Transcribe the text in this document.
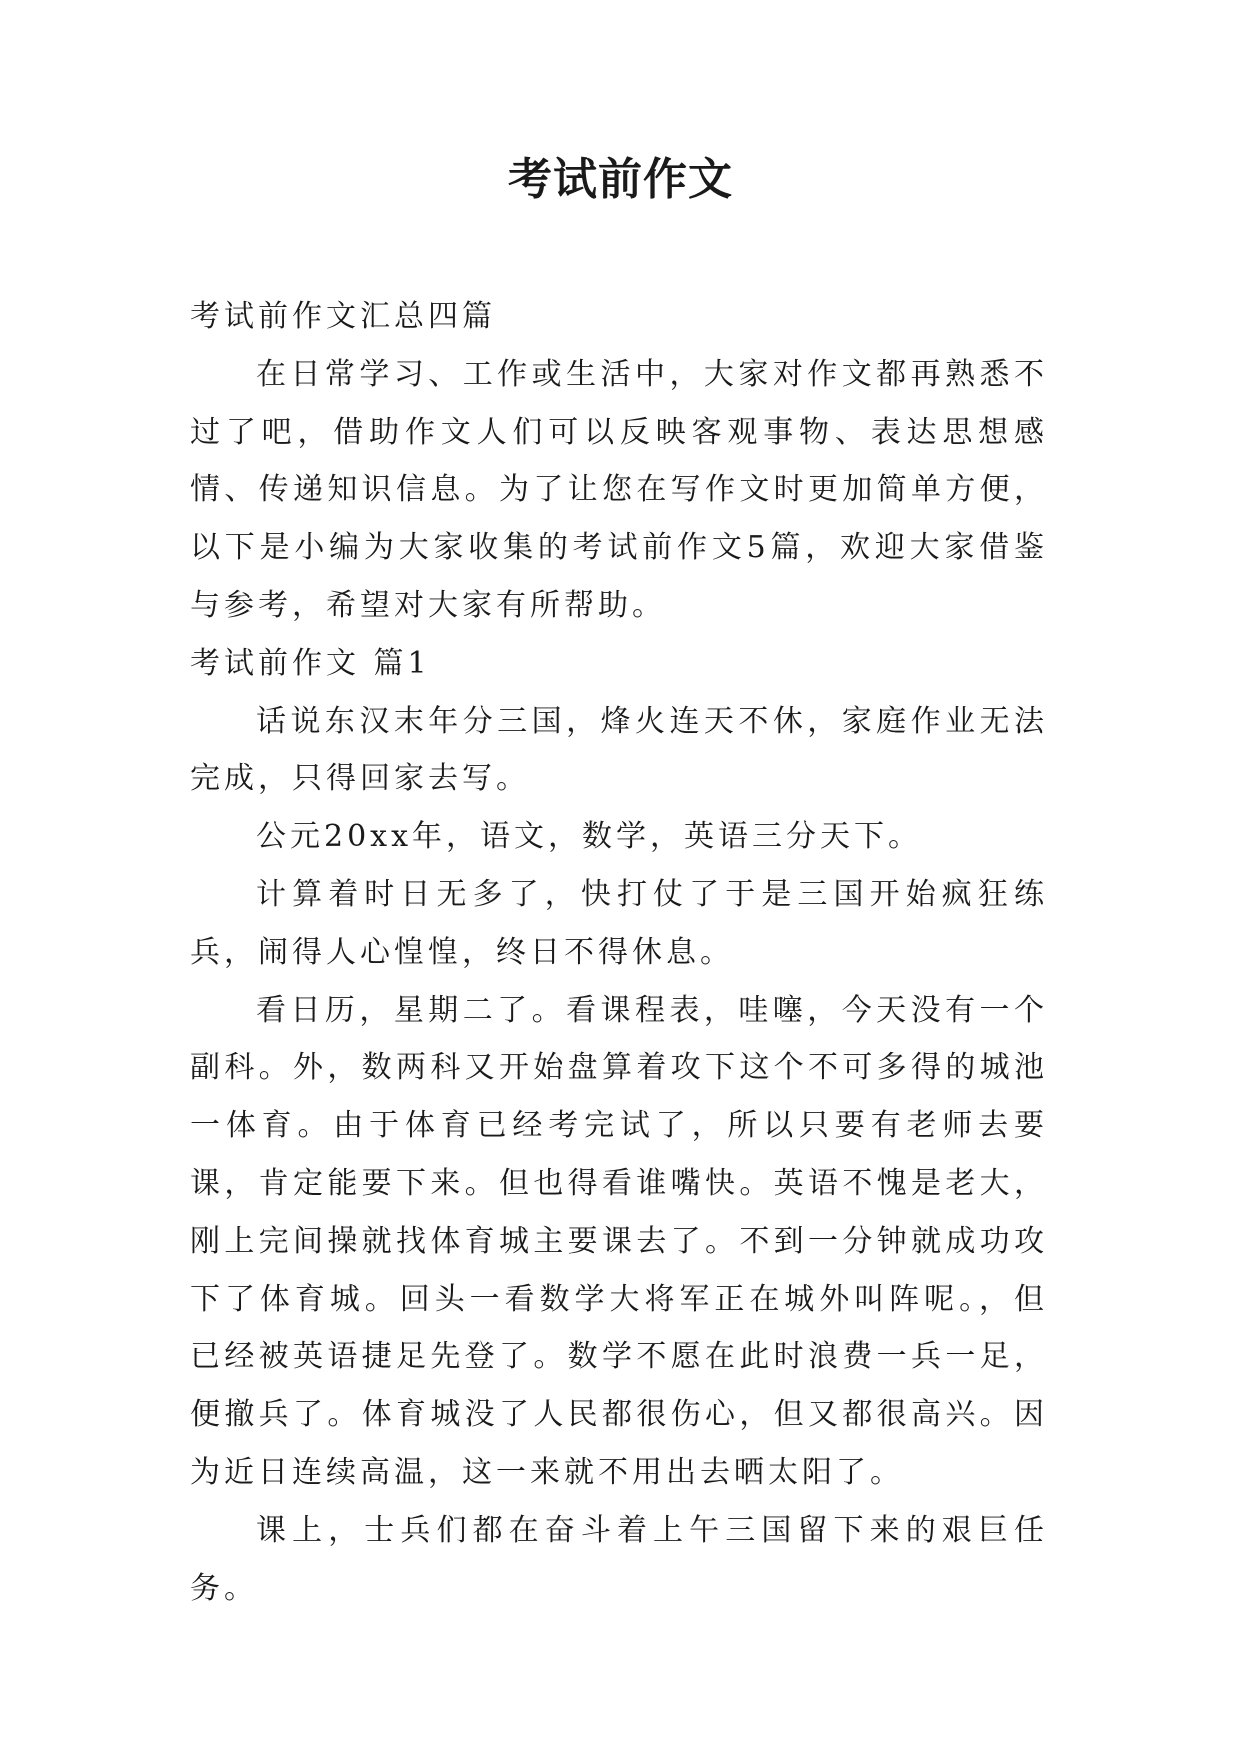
考试前作文

考试前作文汇总四篇

在日常学习、工作或生活中，大家对作文都再熟悉不过了吧，借助作文人们可以反映客观事物、表达思想感情、传递知识信息。为了让您在写作文时更加简单方便，以下是小编为大家收集的考试前作文5篇，欢迎大家借鉴与参考，希望对大家有所帮助。

考试前作文 篇1

话说东汉末年分三国，烽火连天不休，家庭作业无法完成，只得回家去写。

公元20xx年，语文，数学，英语三分天下。

计算着时日无多了，快打仗了于是三国开始疯狂练兵，闹得人心惶惶，终日不得休息。

看日历，星期二了。看课程表，哇噻，今天没有一个副科。外，数两科又开始盘算着攻下这个不可多得的城池一体育。由于体育已经考完试了，所以只要有老师去要课，肯定能要下来。但也得看谁嘴快。英语不愧是老大，刚上完间操就找体育城主要课去了。不到一分钟就成功攻下了体育城。回头一看数学大将军正在城外叫阵呢。，但已经被英语捷足先登了。数学不愿在此时浪费一兵一足，便撤兵了。体育城没了人民都很伤心，但又都很高兴。因为近日连续高温，这一来就不用出去晒太阳了。

课上，士兵们都在奋斗着上午三国留下来的艰巨任务。
